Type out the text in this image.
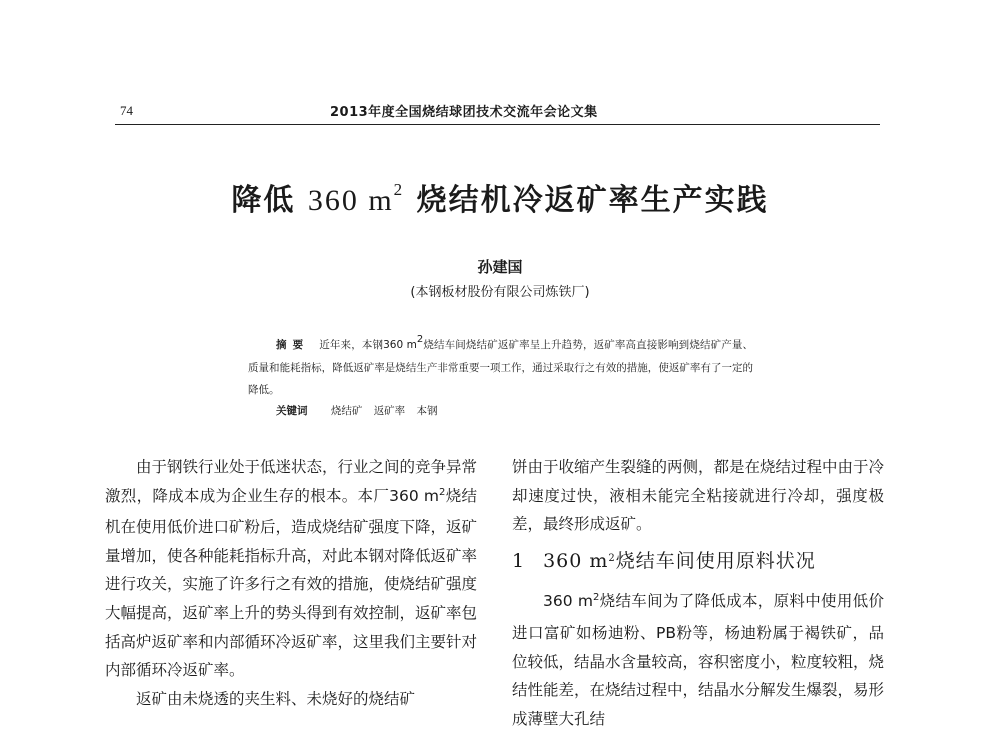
74	2013年度全国烧结球团技术交流年会论文集
降低 360 $m^2$ 烧结机冷返矿率生产实践
孙建国
(本钢板材股份有限公司炼铁厂)
摘要 近年来，本钢360 m2烧结车间烧结矿返矿率呈上升趋势，返矿率高直接影响到烧结矿产量、质量和能耗指标，降低返矿率是烧结生产非常重要一项工作，通过采取行之有效的措施，使返矿率有了一定的降低。
关键词 烧结矿 返矿率 本钢

由于钢铁行业处于低迷状态，行业之间的竞争异常激烈，降成本成为企业生存的根本。本厂360 $m^2$烧结机在使用低价进口矿粉后，造成烧结矿强度下降，返矿量增加，使各种能耗指标升高，对此本钢对降低返矿率进行攻关，实施了许多行之有效的措施，使烧结矿强度大幅提高，返矿率上升的势头得到有效控制，返矿率包括高炉返矿率和内部循环冷返矿率，这里我们主要针对内部循环冷返矿率。

返矿由未烧透的夹生料、未烧好的烧结矿

饼由于收缩产生裂缝的两侧，都是在烧结过程中由于冷却速度过快，液相未能完全粘接就进行冷却，强度极差，最终形成返矿。

1 360 $m^2$烧结车间使用原料状况

360 $m^2$烧结车间为了降低成本，原料中使用低价进口富矿如杨迪粉、PB粉等，杨迪粉属于褐铁矿，品位较低，结晶水含量较高，容积密度小，粒度较粗，烧结性能差，在烧结过程中，结晶水分解发生爆裂，易形成薄壁大孔结
